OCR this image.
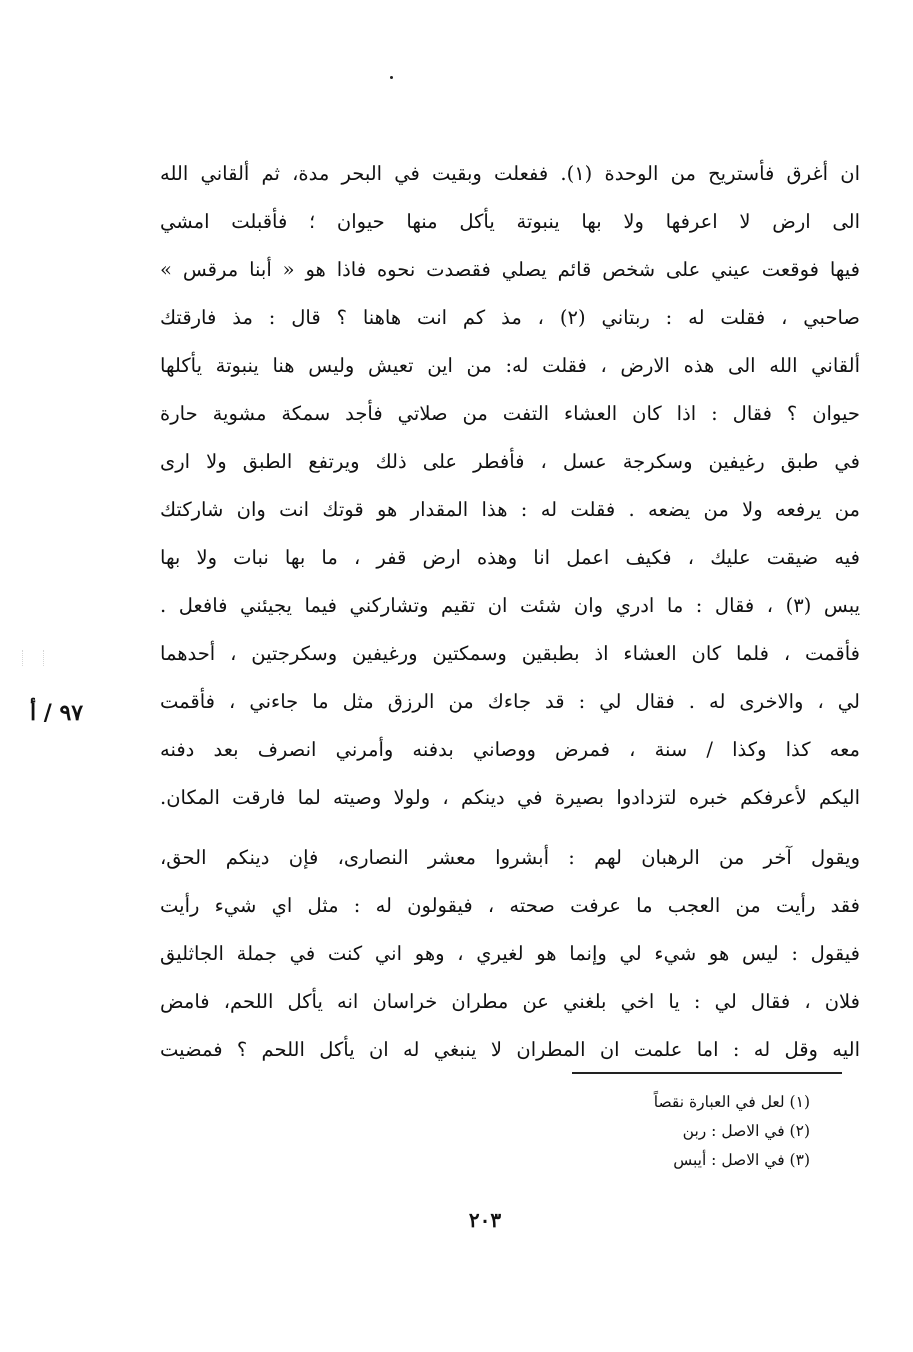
٩٧ / أ
ان أغرق فأستريح من الوحدة (١). ففعلت وبقيت في البحر مدة، ثم ألقاني الله
الى ارض لا اعرفها ولا بها ينبوتة يأكل منها حيوان ؛ فأقبلت امشي
فيها فوقعت عيني على شخص قائم يصلي فقصدت نحوه فاذا هو « أبنا مرقس »
صاحبي ، فقلت له : ربتاني (٢) ، مذ كم انت هاهنا ؟ قال : مذ فارقتك
ألقاني الله الى هذه الارض ، فقلت له: من اين تعيش وليس هنا ينبوتة يأكلها
حيوان ؟ فقال : اذا كان العشاء التفت من صلاتي فأجد سمكة مشوية حارة
في طبق رغيفين وسكرجة عسل ، فأفطر على ذلك ويرتفع الطبق ولا ارى
من يرفعه ولا من يضعه . فقلت له : هذا المقدار هو قوتك انت وان شاركتك
فيه ضيقت عليك ، فكيف اعمل انا وهذه ارض قفر ، ما بها نبات ولا بها
يبس (٣) ، فقال : ما ادري وان شئت ان تقيم وتشاركني فيما يجيئني فافعل .
فأقمت ، فلما كان العشاء اذ بطبقين وسمكتين ورغيفين وسكرجتين ، أحدهما
لي ، والاخرى له . فقال لي : قد جاءك من الرزق مثل ما جاءني ، فأقمت
معه كذا وكذا / سنة ، فمرض ووصاني بدفنه وأمرني انصرف بعد دفنه
اليكم لأعرفكم خبره لتزدادوا بصيرة في دينكم ، ولولا وصيته لما فارقت المكان.
ويقول آخر من الرهبان لهم : أبشروا معشر النصارى، فإن دينكم الحق،
فقد رأيت من العجب ما عرفت صحته ، فيقولون له : مثل اي شيء رأيت
فيقول : ليس هو شيء لي وإنما هو لغيري ، وهو اني كنت في جملة الجاثليق
فلان ، فقال لي : يا اخي بلغني عن مطران خراسان انه يأكل اللحم، فامض
اليه وقل له : اما علمت ان المطران لا ينبغي له ان يأكل اللحم ؟ فمضيت
(١) لعل في العبارة نقصاً
(٢) في الاصل : ربن
(٣) في الاصل : أيبس
٢٠٣
